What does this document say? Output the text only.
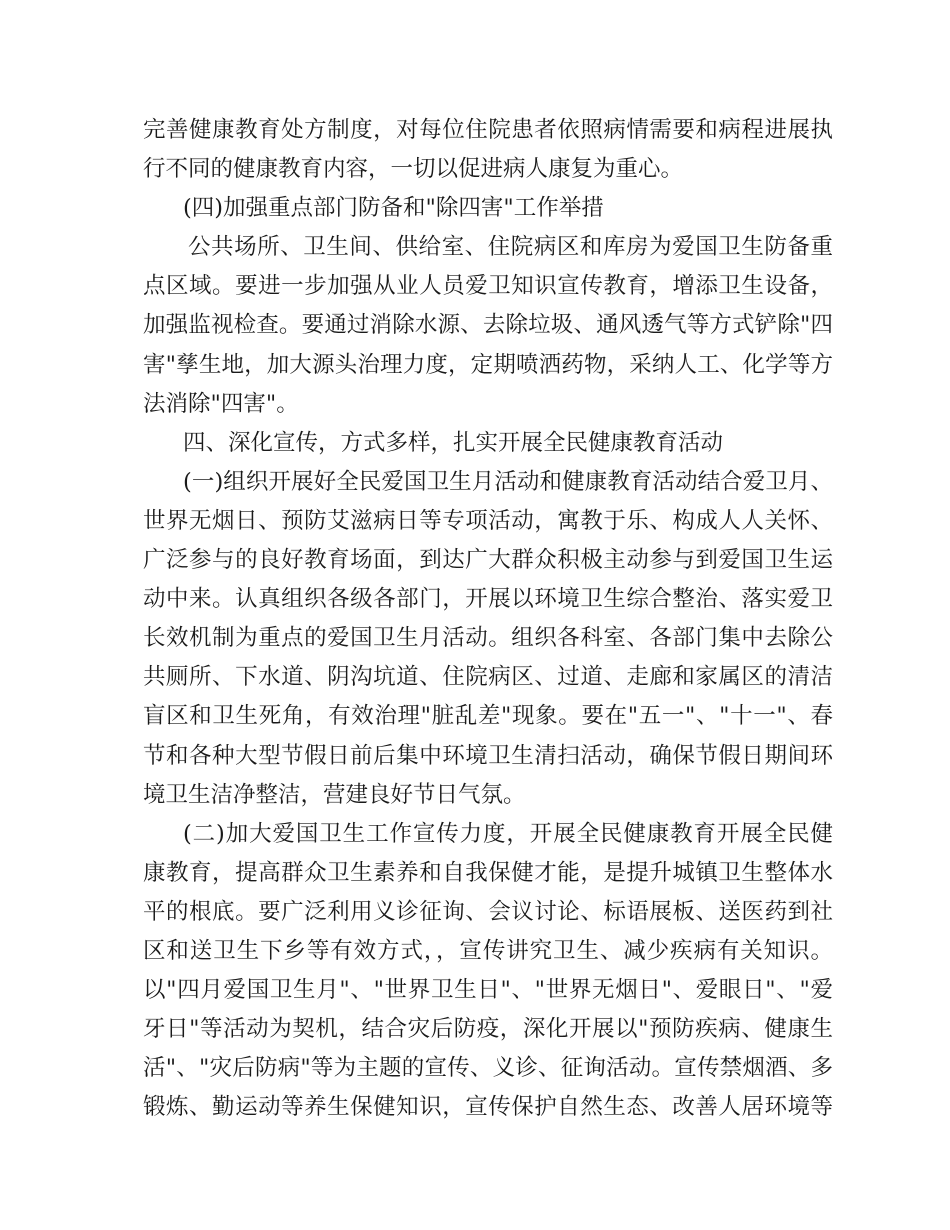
完善健康教育处方制度，对每位住院患者依照病情需要和病程进展执
行不同的健康教育内容，一切以促进病人康复为重心。
(四)加强重点部门防备和"除四害"工作举措
公共场所、卫生间、供给室、住院病区和库房为爱国卫生防备重
点区域。要进一步加强从业人员爱卫知识宣传教育，增添卫生设备，
加强监视检查。要通过消除水源、去除垃圾、通风透气等方式铲除"四
害"孳生地，加大源头治理力度，定期喷洒药物，采纳人工、化学等方
法消除"四害"。
四、深化宣传，方式多样，扎实开展全民健康教育活动
(一)组织开展好全民爱国卫生月活动和健康教育活动结合爱卫月、
世界无烟日、预防艾滋病日等专项活动，寓教于乐、构成人人关怀、
广泛参与的良好教育场面，到达广大群众积极主动参与到爱国卫生运
动中来。认真组织各级各部门，开展以环境卫生综合整治、落实爱卫
长效机制为重点的爱国卫生月活动。组织各科室、各部门集中去除公
共厕所、下水道、阴沟坑道、住院病区、过道、走廊和家属区的清洁
盲区和卫生死角，有效治理"脏乱差"现象。要在"五一"、"十一"、春
节和各种大型节假日前后集中环境卫生清扫活动，确保节假日期间环
境卫生洁净整洁，营建良好节日气氛。
(二)加大爱国卫生工作宣传力度，开展全民健康教育开展全民健
康教育，提高群众卫生素养和自我保健才能，是提升城镇卫生整体水
平的根底。要广泛利用义诊征询、会议讨论、标语展板、送医药到社
区和送卫生下乡等有效方式，，宣传讲究卫生、减少疾病有关知识。
以"四月爱国卫生月"、"世界卫生日"、"世界无烟日"、爱眼日"、"爱
牙日"等活动为契机，结合灾后防疫，深化开展以"预防疾病、健康生
活"、"灾后防病"等为主题的宣传、义诊、征询活动。宣传禁烟酒、多
锻炼、勤运动等养生保健知识，宣传保护自然生态、改善人居环境等
